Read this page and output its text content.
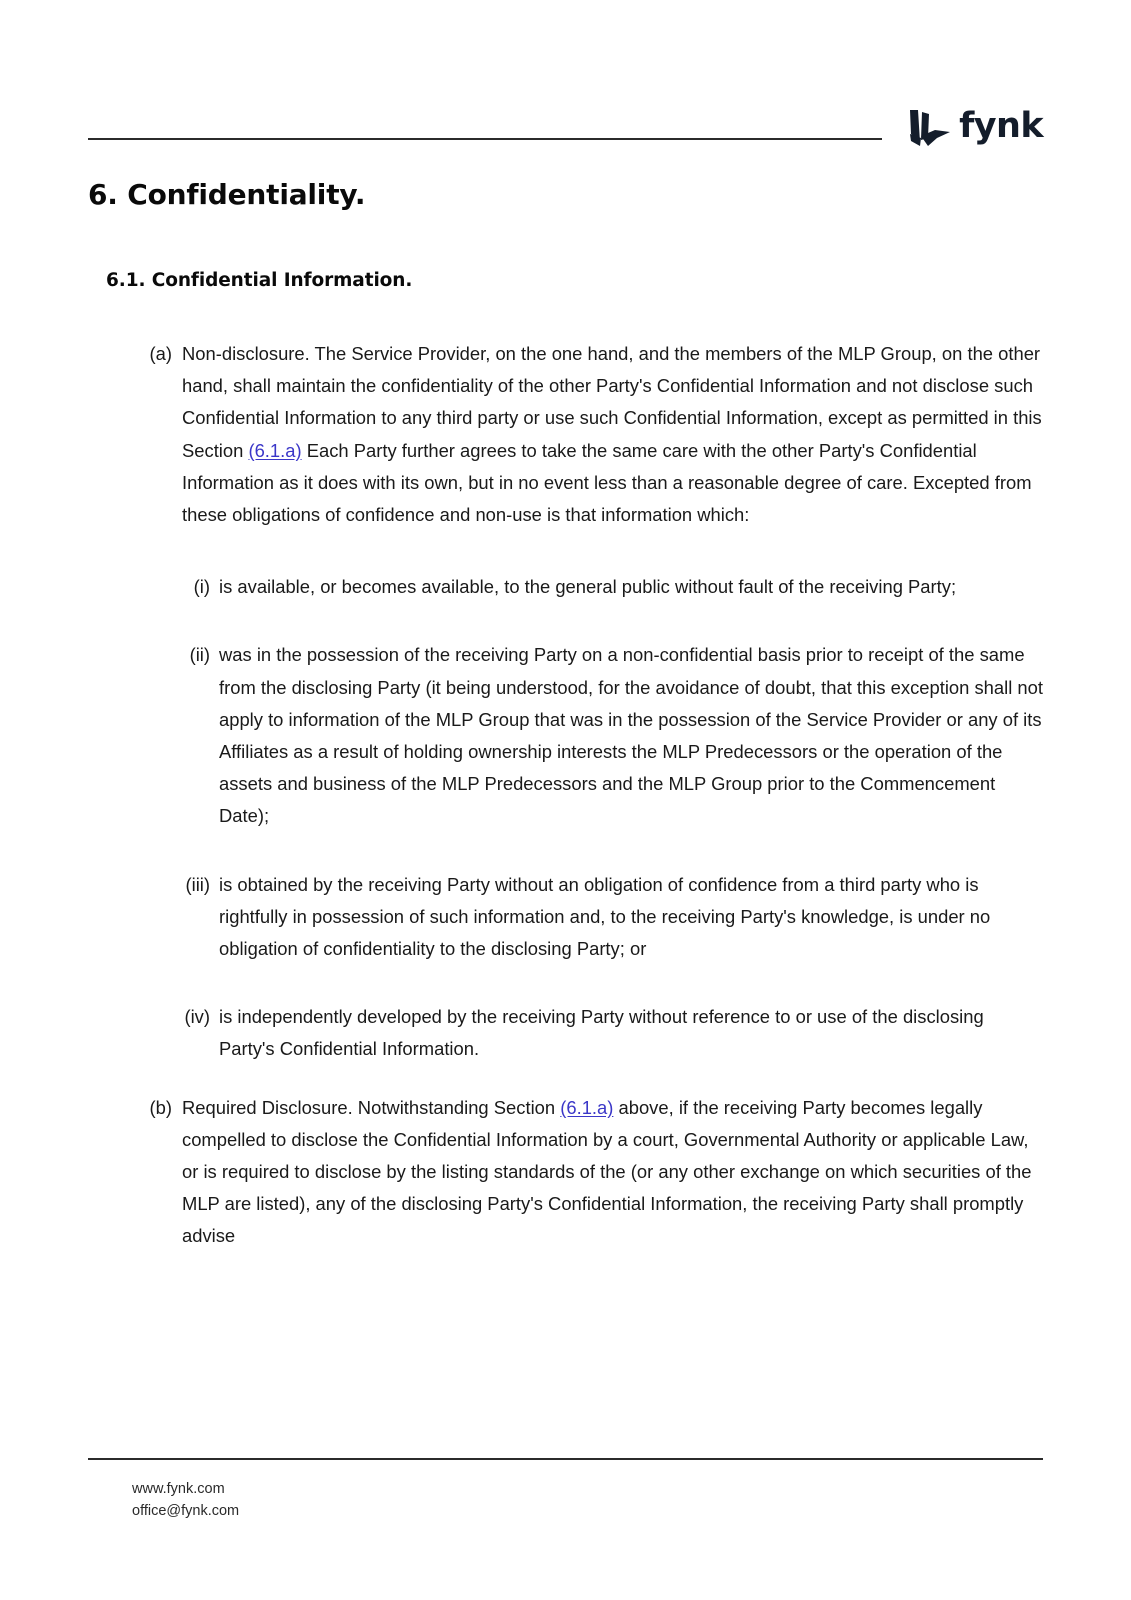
fynk
6. Confidentiality.
6.1. Confidential Information.
(a) Non-disclosure. The Service Provider, on the one hand, and the members of the MLP Group, on the other hand, shall maintain the confidentiality of the other Party's Confidential Information and not disclose such Confidential Information to any third party or use such Confidential Information, except as permitted in this Section (6.1.a) Each Party further agrees to take the same care with the other Party's Confidential Information as it does with its own, but in no event less than a reasonable degree of care. Excepted from these obligations of confidence and non-use is that information which:
(i) is available, or becomes available, to the general public without fault of the receiving Party;
(ii) was in the possession of the receiving Party on a non-confidential basis prior to receipt of the same from the disclosing Party (it being understood, for the avoidance of doubt, that this exception shall not apply to information of the MLP Group that was in the possession of the Service Provider or any of its Affiliates as a result of holding ownership interests the MLP Predecessors or the operation of the assets and business of the MLP Predecessors and the MLP Group prior to the Commencement Date);
(iii) is obtained by the receiving Party without an obligation of confidence from a third party who is rightfully in possession of such information and, to the receiving Party's knowledge, is under no obligation of confidentiality to the disclosing Party; or
(iv) is independently developed by the receiving Party without reference to or use of the disclosing Party's Confidential Information.
(b) Required Disclosure. Notwithstanding Section (6.1.a) above, if the receiving Party becomes legally compelled to disclose the Confidential Information by a court, Governmental Authority or applicable Law, or is required to disclose by the listing standards of the (or any other exchange on which securities of the MLP are listed), any of the disclosing Party's Confidential Information, the receiving Party shall promptly advise
www.fynk.com
office@fynk.com
